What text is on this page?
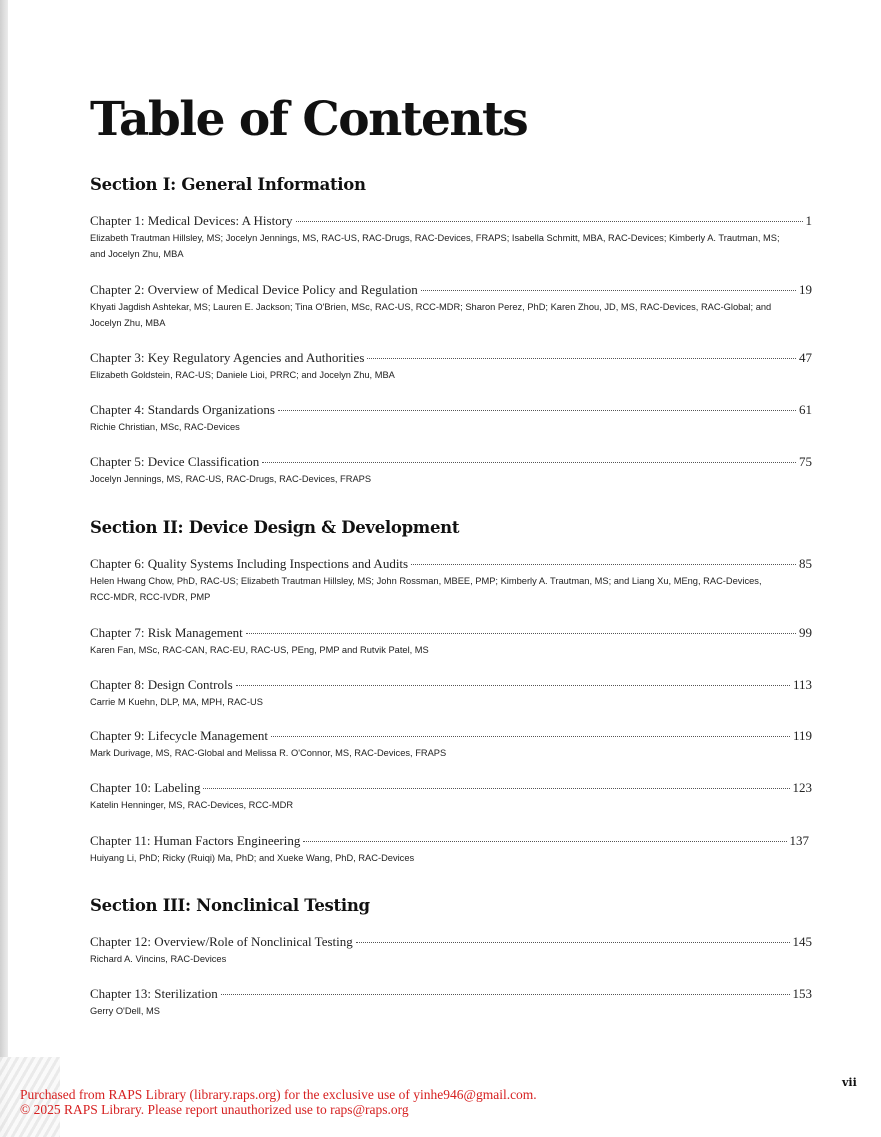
Table of Contents
Section I: General Information
Chapter 1: Medical Devices: A History	1
Elizabeth Trautman Hillsley, MS; Jocelyn Jennings, MS, RAC-US, RAC-Drugs, RAC-Devices, FRAPS; Isabella Schmitt, MBA, RAC-Devices; Kimberly A. Trautman, MS;
and Jocelyn Zhu, MBA
Chapter 2: Overview of Medical Device Policy and Regulation	19
Khyati Jagdish Ashtekar, MS; Lauren E. Jackson; Tina O'Brien, MSc, RAC-US, RCC-MDR; Sharon Perez, PhD; Karen Zhou, JD, MS, RAC-Devices, RAC-Global; and
Jocelyn Zhu, MBA
Chapter 3: Key Regulatory Agencies and Authorities	47
Elizabeth Goldstein, RAC-US; Daniele Lioi, PRRC; and Jocelyn Zhu, MBA
Chapter 4: Standards Organizations	61
Richie Christian, MSc, RAC-Devices
Chapter 5: Device Classification	75
Jocelyn Jennings, MS, RAC-US, RAC-Drugs, RAC-Devices, FRAPS
Section II: Device Design & Development
Chapter 6: Quality Systems Including Inspections and Audits	85
Helen Hwang Chow, PhD, RAC-US; Elizabeth Trautman Hillsley, MS; John Rossman, MBEE, PMP; Kimberly A. Trautman, MS; and Liang Xu, MEng, RAC-Devices,
RCC-MDR, RCC-IVDR, PMP
Chapter 7: Risk Management	99
Karen Fan, MSc, RAC-CAN, RAC-EU, RAC-US, PEng, PMP and Rutvik Patel, MS
Chapter 8: Design Controls	113
Carrie M Kuehn, DLP, MA, MPH, RAC-US
Chapter 9: Lifecycle Management	119
Mark Durivage, MS, RAC-Global and Melissa R. O'Connor, MS, RAC-Devices, FRAPS
Chapter 10: Labeling	123
Katelin Henninger, MS, RAC-Devices, RCC-MDR
Chapter 11: Human Factors Engineering	137
Huiyang Li, PhD; Ricky (Ruiqi) Ma, PhD; and Xueke Wang, PhD, RAC-Devices
Section III: Nonclinical Testing
Chapter 12: Overview/Role of Nonclinical Testing	145
Richard A. Vincins, RAC-Devices
Chapter 13: Sterilization	153
Gerry O'Dell, MS
vii
Purchased from RAPS Library (library.raps.org) for the exclusive use of yinhe946@gmail.com.
© 2025 RAPS Library. Please report unauthorized use to raps@raps.org
